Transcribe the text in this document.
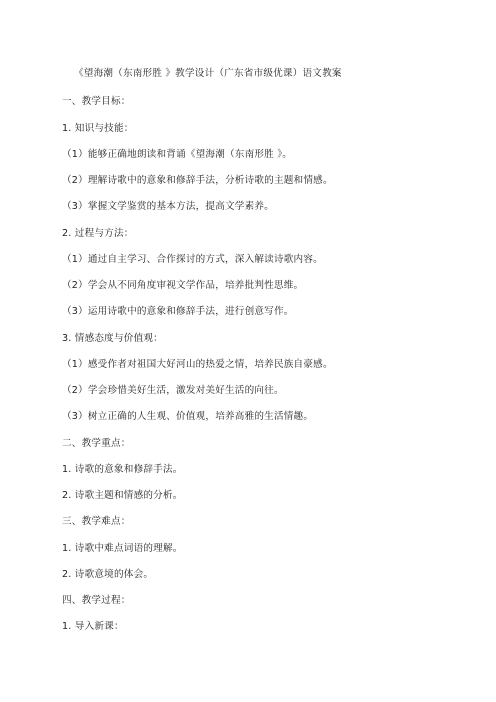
《望海潮（东南形胜 》教学设计（广东省市级优课）语文教案
一、教学目标：
1. 知识与技能：
（1）能够正确地朗读和背诵《望海潮（东南形胜 》。
（2）理解诗歌中的意象和修辞手法，分析诗歌的主题和情感。
（3）掌握文学鉴赏的基本方法，提高文学素养。
2. 过程与方法：
（1）通过自主学习、合作探讨的方式，深入解读诗歌内容。
（2）学会从不同角度审视文学作品，培养批判性思维。
（3）运用诗歌中的意象和修辞手法，进行创意写作。
3. 情感态度与价值观：
（1）感受作者对祖国大好河山的热爱之情，培养民族自豪感。
（2）学会珍惜美好生活，激发对美好生活的向往。
（3）树立正确的人生观、价值观，培养高雅的生活情趣。
二、教学重点：
1. 诗歌的意象和修辞手法。
2. 诗歌主题和情感的分析。
三、教学难点：
1. 诗歌中难点词语的理解。
2. 诗歌意境的体会。
四、教学过程：
1. 导入新课：
